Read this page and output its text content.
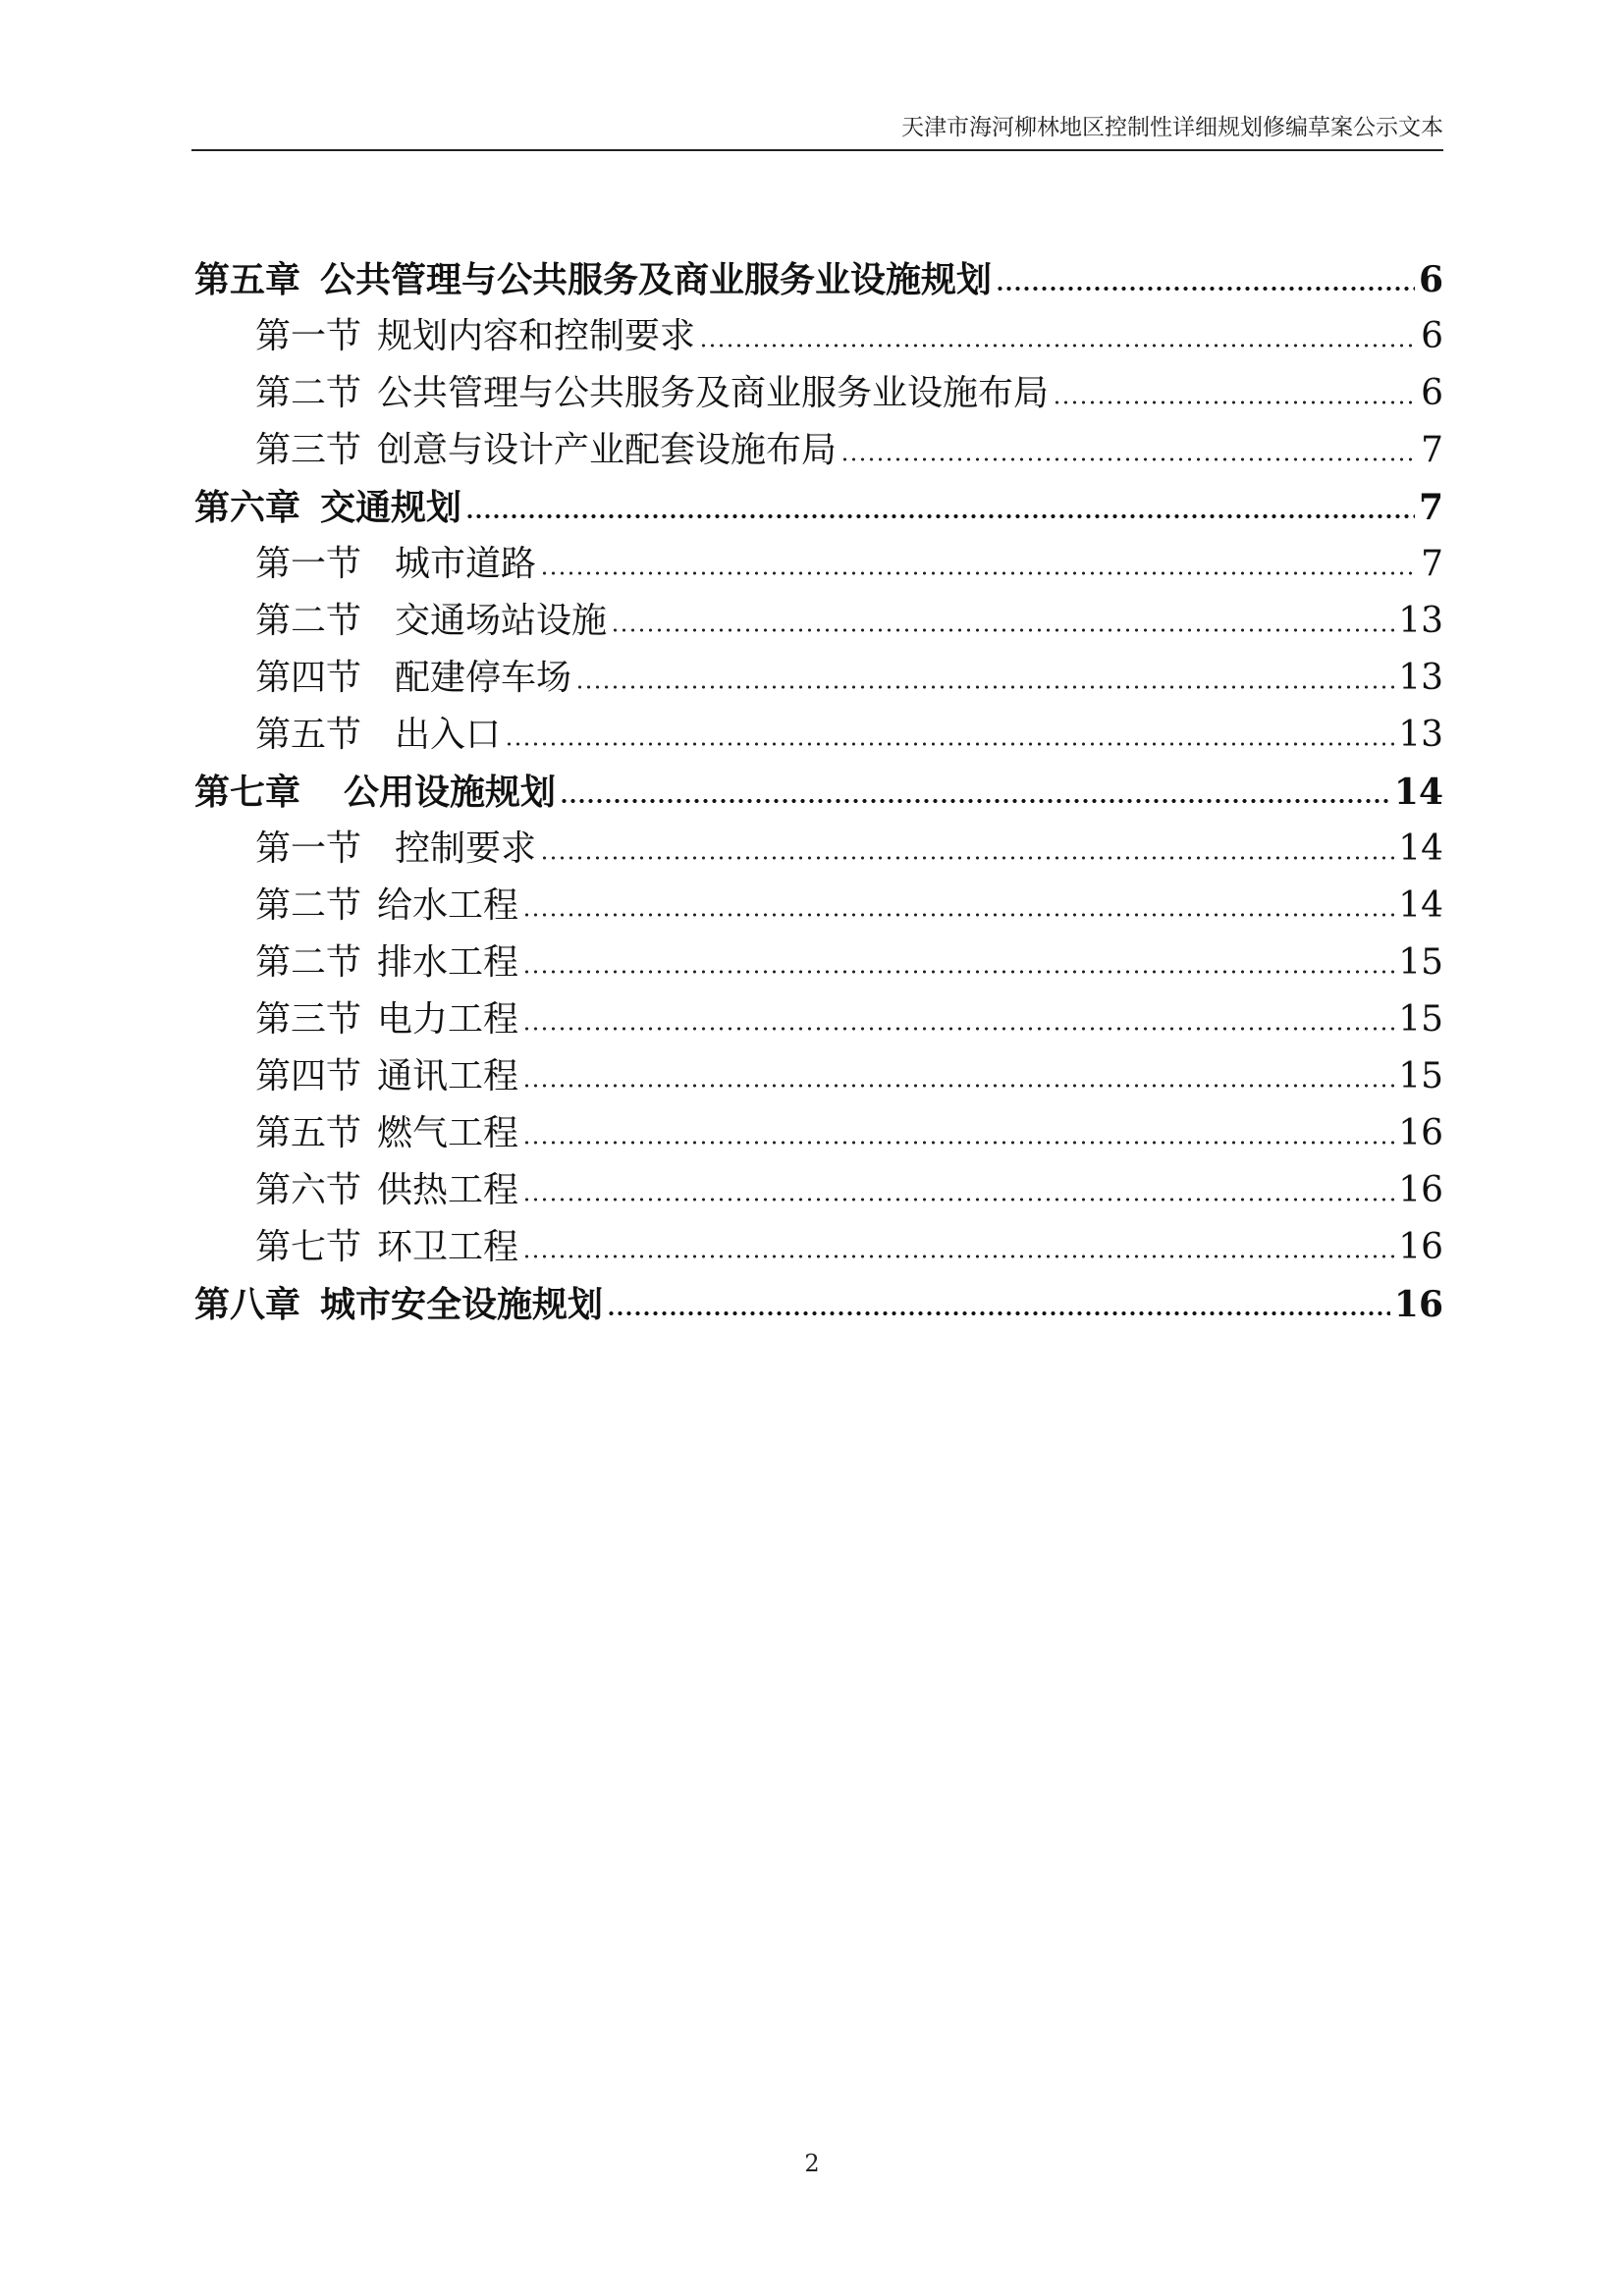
天津市海河柳林地区控制性详细规划修编草案公示文本
第五章 公共管理与公共服务及商业服务业设施规划	6
第一节 规划内容和控制要求	6
第二节 公共管理与公共服务及商业服务业设施布局	6
第三节 创意与设计产业配套设施布局	7
第六章 交通规划	7
第一节 城市道路	7
第二节 交通场站设施	13
第四节 配建停车场	13
第五节 出入口	13
第七章 公用设施规划	14
第一节 控制要求	14
第二节 给水工程	14
第二节 排水工程	15
第三节 电力工程	15
第四节 通讯工程	15
第五节 燃气工程	16
第六节 供热工程	16
第七节 环卫工程	16
第八章 城市安全设施规划	16
2
